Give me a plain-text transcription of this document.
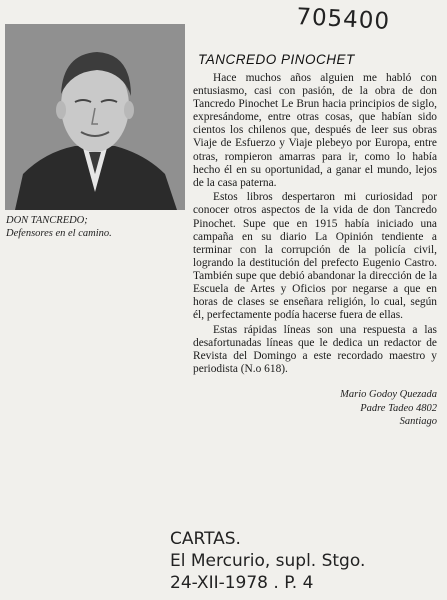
705400
DON TANCREDO;
Defensores en el camino.
TANCREDO PINOCHET

Hace muchos años alguien me habló con entusiasmo, casi con pasión, de la obra de don Tancredo Pinochet Le Brun hacia principios de siglo, expresándome, entre otras cosas, que habían sido cientos los chilenos que, después de leer sus obras Viaje de Esfuerzo y Viaje plebeyo por Europa, entre otras, rompieron amarras para ir, como lo había hecho él en su oportunidad, a ganar el mundo, lejos de la casa paterna.

Estos libros despertaron mi curiosidad por conocer otros aspectos de la vida de don Tancredo Pinochet. Supe que en 1915 había iniciado una campaña en su diario La Opinión tendiente a terminar con la corrupción de la policía civil, logrando la destitución del prefecto Eugenio Castro. También supe que debió abandonar la dirección de la Escuela de Artes y Oficios por negarse a que en horas de clases se enseñara religión, lo cual, según él, perfectamente podía hacerse fuera de ellas.

Estas rápidas líneas son una respuesta a las desafortunadas líneas que le dedica un redactor de Revista del Domingo a este recordado maestro y periodista (N.o 618).

Mario Godoy Quezada
Padre Tadeo 4802
Santiago
CARTAS.
El Mercurio, supl. Stgo.
24-XII-1978 . P. 4
